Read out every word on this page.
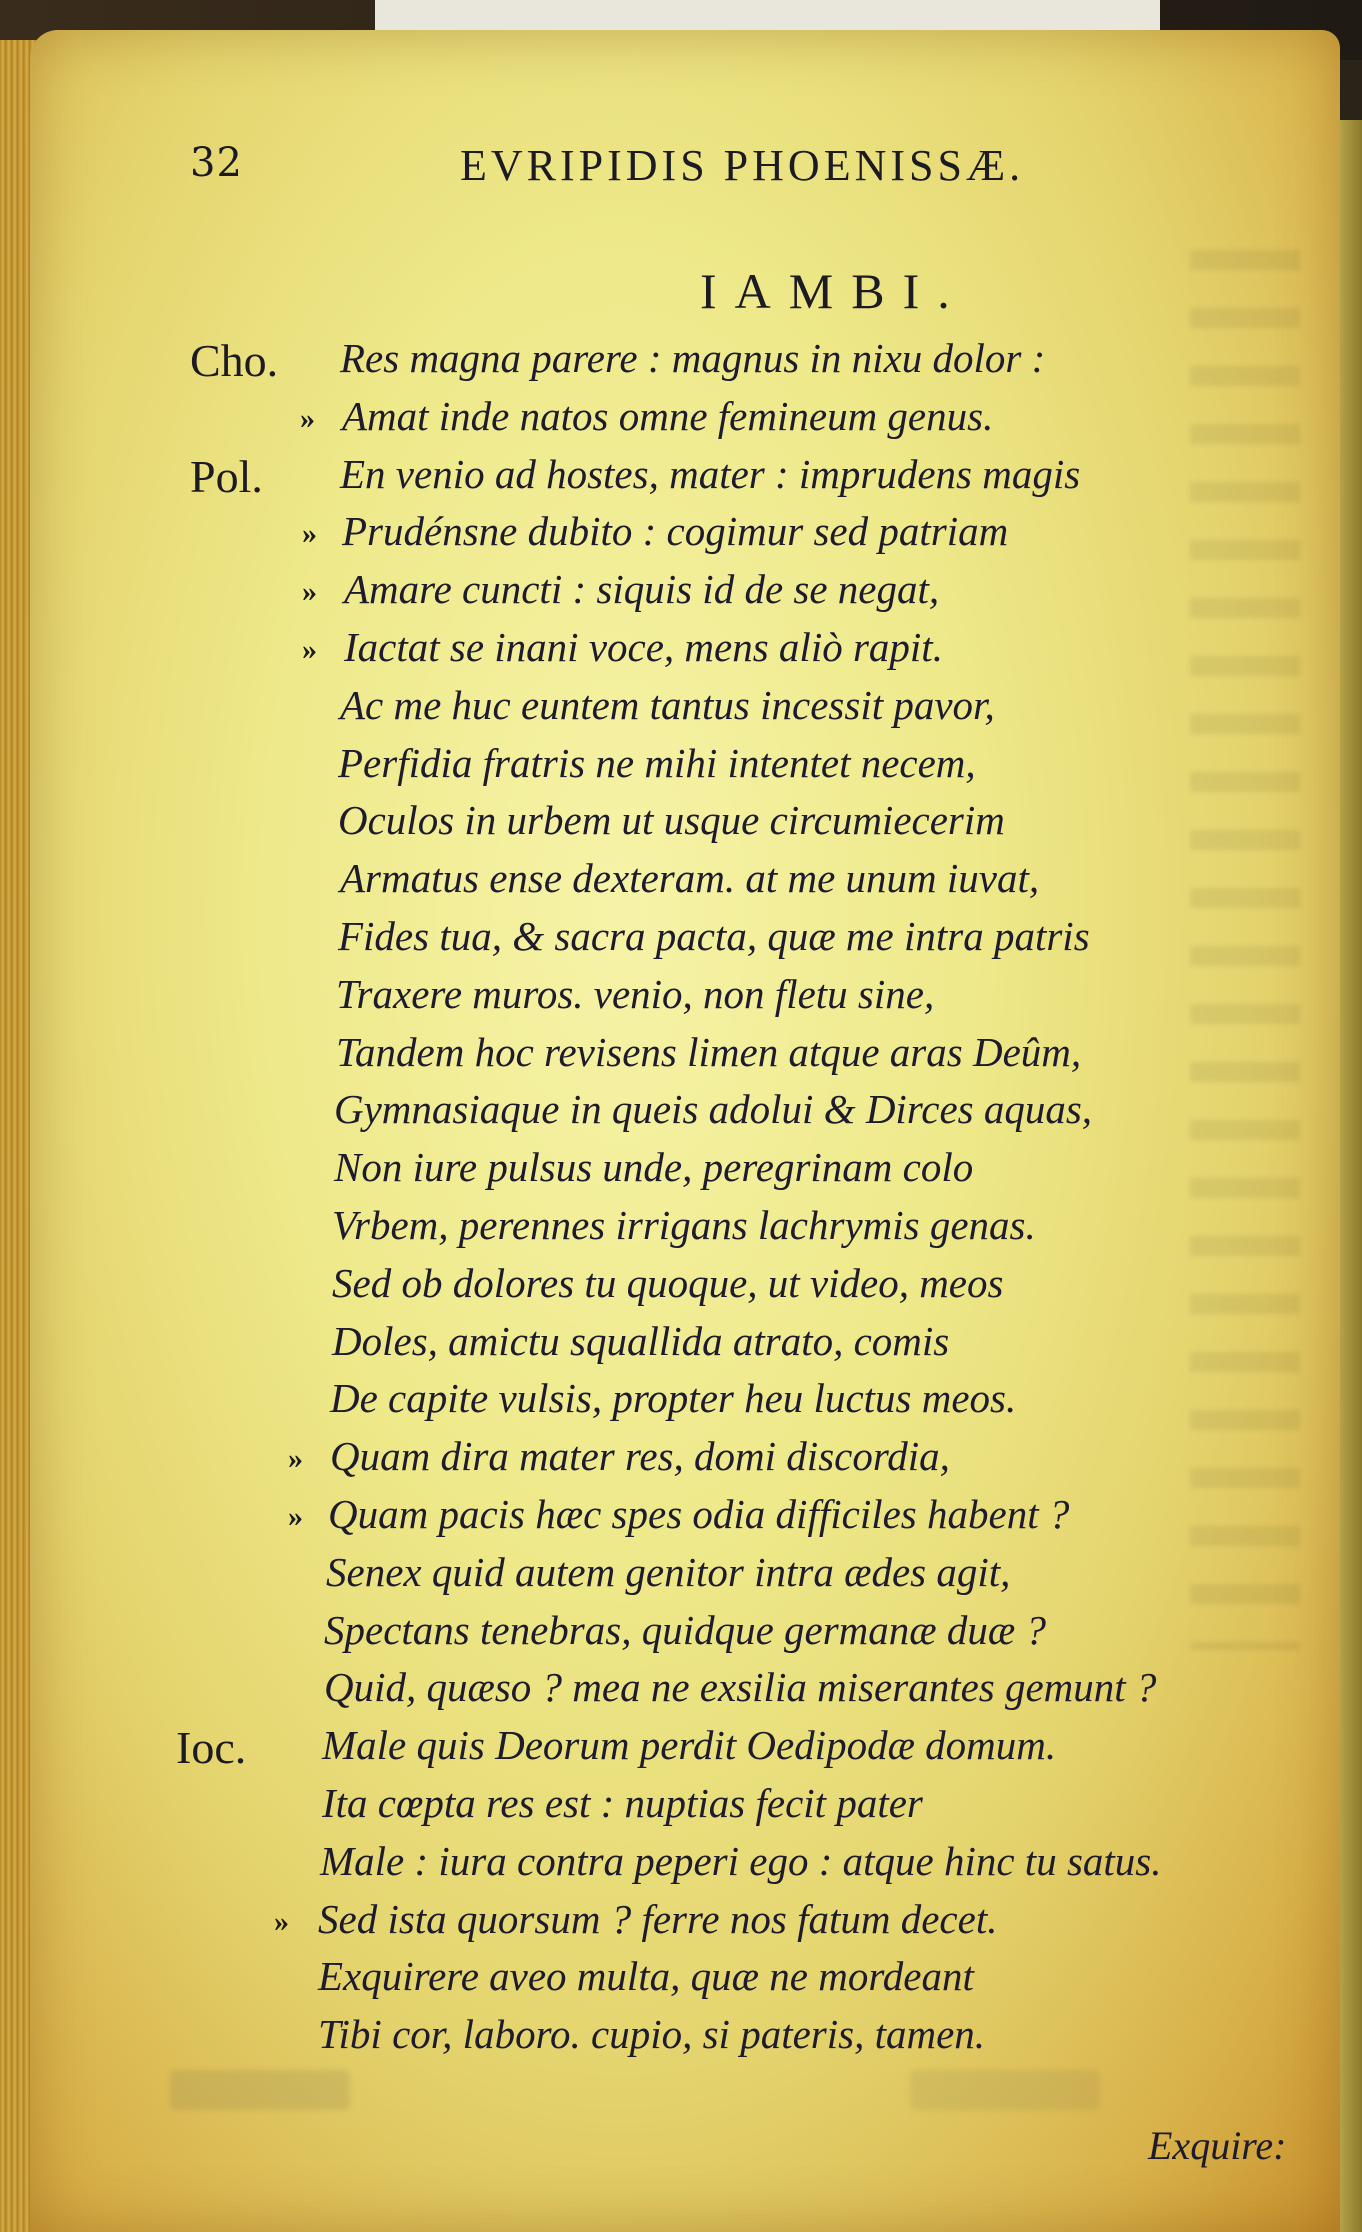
32	EVRIPIDIS PHOENISSÆ.
IAMBI.
Cho. Res magna parere : magnus in nixu dolor :
» Amat inde natos omne femineum genus.
Pol. En venio ad hostes, mater : imprudens magis
» Prudénsne dubito : cogimur sed patriam
» Amare cuncti : siquis id de se negat,
» Iactat se inani voce, mens aliò rapit.
Ac me huc euntem tantus incessit pavor,
Perfidia fratris ne mihi intentet necem,
Oculos in urbem ut usque circumiecerim
Armatus ense dexteram. at me unum iuvat,
Fides tua, & sacra pacta, quæ me intra patris
Traxere muros. venio, non fletu sine,
Tandem hoc revisens limen atque aras Deûm,
Gymnasiaque in queis adolui & Dirces aquas,
Non iure pulsus unde, peregrinam colo
Vrbem, perennes irrigans lachrymis genas.
Sed ob dolores tu quoque, ut video, meos
Doles, amictu squallida atrato, comis
De capite vulsis, propter heu luctus meos.
» Quam dira mater res, domi discordia,
» Quam pacis hæc spes odia difficiles habent ?
Senex quid autem genitor intra ædes agit,
Spectans tenebras, quidque germanæ duæ ?
Quid, quæso ? mea ne exsilia miserantes gemunt ?
Ioc. Male quis Deorum perdit Oedipodæ domum.
Ita cœpta res est : nuptias fecit pater
Male : iura contra peperi ego : atque hinc tu satus.
» Sed ista quorsum ? ferre nos fatum decet.
Exquirere aveo multa, quæ ne mordeant
Tibi cor, laboro. cupio, si pateris, tamen.
Exquire:
